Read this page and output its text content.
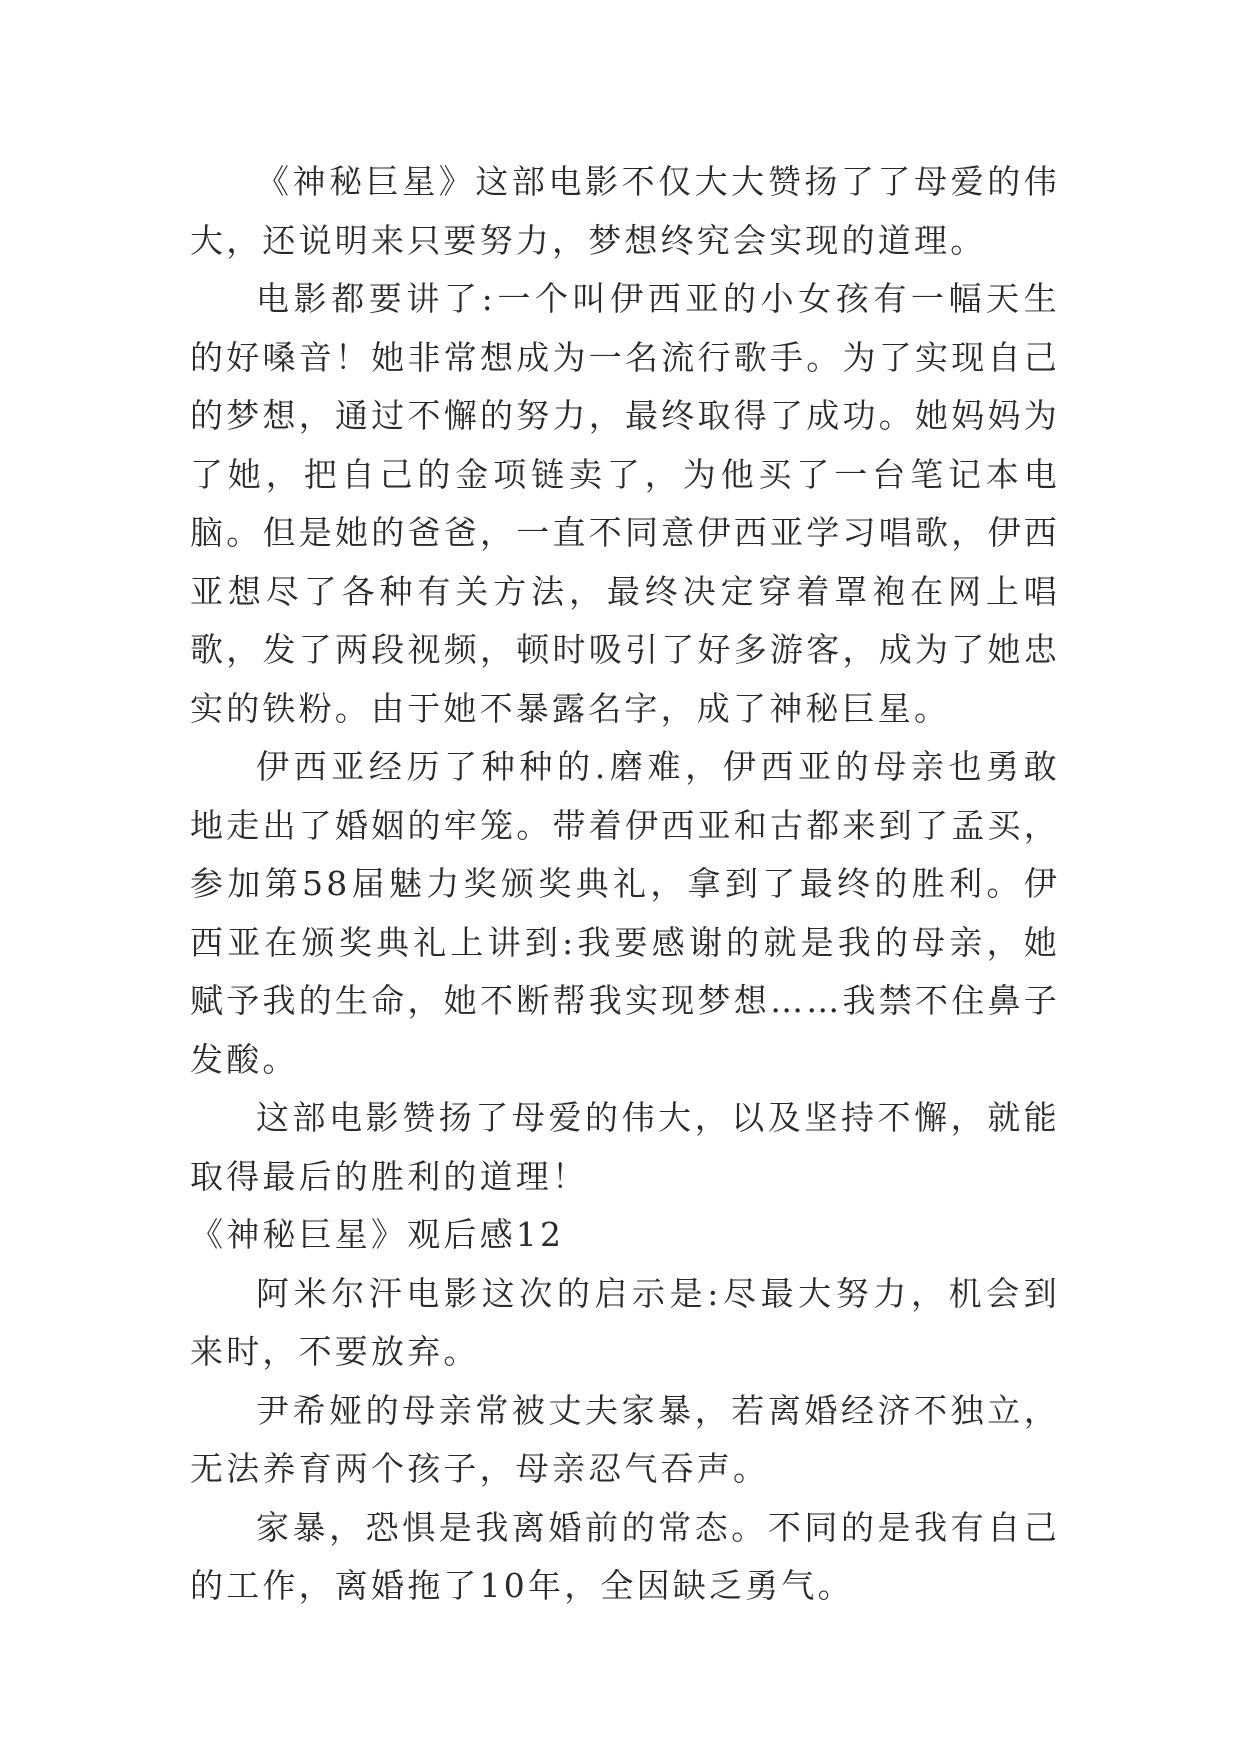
《神秘巨星》这部电影不仅大大赞扬了了母爱的伟大，还说明来只要努力，梦想终究会实现的道理。

电影都要讲了:一个叫伊西亚的小女孩有一幅天生的好嗓音！她非常想成为一名流行歌手。为了实现自己的梦想，通过不懈的努力，最终取得了成功。她妈妈为了她，把自己的金项链卖了，为他买了一台笔记本电脑。但是她的爸爸，一直不同意伊西亚学习唱歌，伊西亚想尽了各种有关方法，最终决定穿着罩袍在网上唱歌，发了两段视频，顿时吸引了好多游客，成为了她忠实的铁粉。由于她不暴露名字，成了神秘巨星。

伊西亚经历了种种的.磨难，伊西亚的母亲也勇敢地走出了婚姻的牢笼。带着伊西亚和古都来到了孟买，参加第58届魅力奖颁奖典礼，拿到了最终的胜利。伊西亚在颁奖典礼上讲到:我要感谢的就是我的母亲，她赋予我的生命，她不断帮我实现梦想……我禁不住鼻子发酸。

这部电影赞扬了母爱的伟大，以及坚持不懈，就能取得最后的胜利的道理！

《神秘巨星》观后感12

阿米尔汗电影这次的启示是:尽最大努力，机会到来时，不要放弃。

尹希娅的母亲常被丈夫家暴，若离婚经济不独立，无法养育两个孩子，母亲忍气吞声。

家暴，恐惧是我离婚前的常态。不同的是我有自己的工作，离婚拖了10年，全因缺乏勇气。
